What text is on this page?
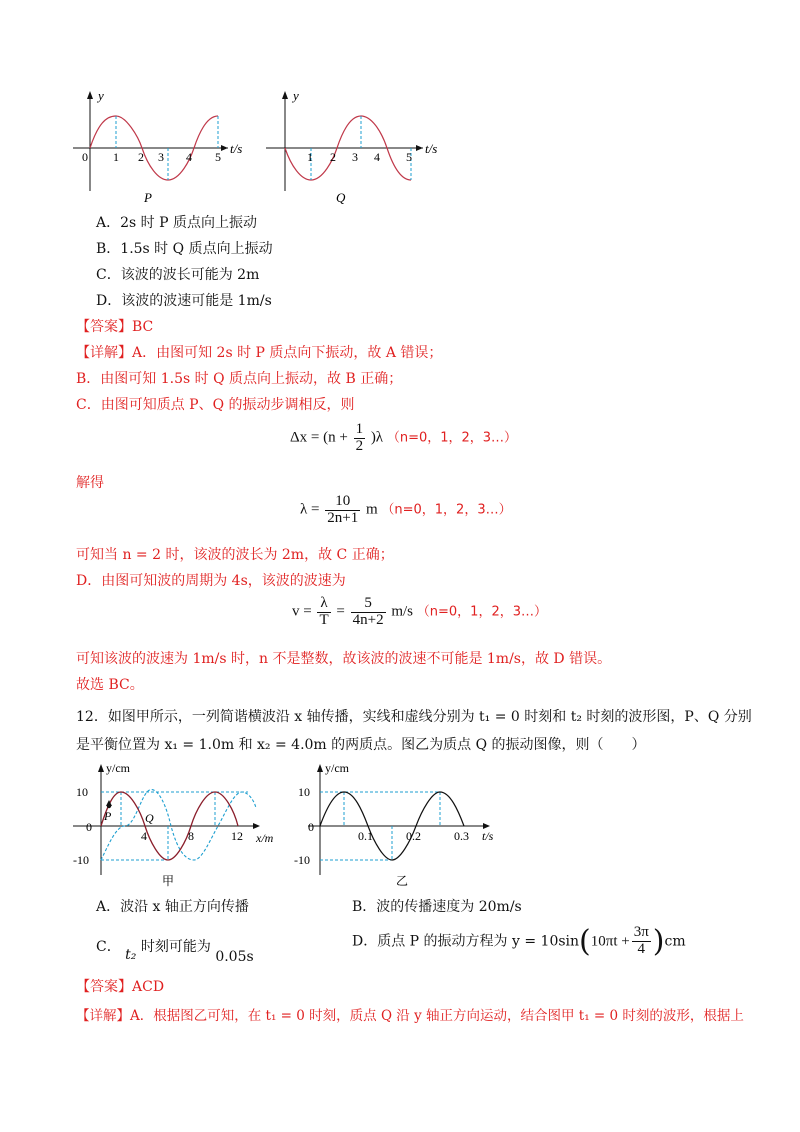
y
t/s
0 1 2 3 4 5
P
y
t/s
1 2 3 4 5
Q
A．2s 时 P 质点向上振动
B．1.5s 时 Q 质点向上振动
C．该波的波长可能为 2m
D．该波的波速可能是 1m/s
【答案】BC
【详解】A．由图可知 2s 时 P 质点向下振动，故 A 错误；
B．由图可知 1.5s 时 Q 质点向上振动，故 B 正确；
C．由图可知质点 P、Q 的振动步调相反，则
$\Delta x = (n + \frac{1}{2} )\lambda$ （n=0，1，2，3…）
解得
$\lambda = \frac{10}{2n+1}$ m （n=0，1，2，3…）
可知当 n = 2 时，该波的波长为 2m，故 C 正确；
D．由图可知波的周期为 4s，该波的波速为
$v = \frac{\lambda}{T} = \frac{5}{4n+2} m/s$ （n=0，1，2，3…）
可知该波的波速为 1m/s 时，n 不是整数，故该波的波速不可能是 1m/s，故 D 错误。
故选 BC。
12．如图甲所示，一列简谐横波沿 x 轴传播，实线和虚线分别为 t₁ = 0 时刻和 t₂ 时刻的波形图，P、Q 分别
是平衡位置为 x₁ = 1.0m 和 x₂ = 4.0m 的两质点。图乙为质点 Q 的振动图像，则（　　）
y/cm
x/m
10
0
-10
4	8	12
P	Q
甲
y/cm
t/s
10
0
-10
0.1	0.2	0.3
乙
A．波沿 x 轴正方向传播	B．波的传播速度为 20m/s
C． t₂ 时刻可能为 0.05s
D．质点 P 的振动方程为 $y = 10\sin(10\pi t + \frac{3\pi}{4} )cm$
【答案】ACD
【详解】A．根据图乙可知，在 t₁ = 0 时刻，质点 Q 沿 y 轴正方向运动，结合图甲 t₁ = 0 时刻的波形，根据上
